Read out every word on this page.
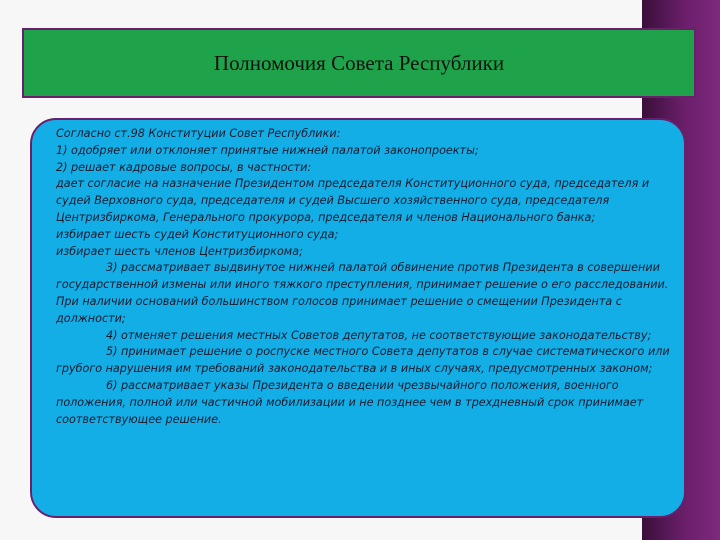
Полномочия Совета Республики

Согласно ст.98 Конституции Совет Республики:

1) одобряет или отклоняет принятые нижней палатой законопроекты;

2) решает кадровые вопросы, в частности:

дает согласие на назначение Президентом председателя Конституционного суда, председателя и судей Верховного суда, председателя и судей Высшего хозяйственного суда, председателя Центризбиркома, Генерального прокурора, председателя и членов Национального банка;

избирает шесть судей Конституционного суда;

избирает шесть членов Центризбиркома;

3) рассматривает выдвинутое нижней палатой обвинение против Президента в совершении государственной измены или иного тяжкого преступления, принимает решение о его расследовании. При наличии оснований большинством голосов принимает решение о смещении Президента с должности;

4) отменяет решения местных Советов депутатов, не соответствующие законодательству;

5) принимает решение о роспуске местного Совета депутатов в случае систематического или грубого нарушения им требований законодательства и в иных случаях, предусмотренных законом;

6) рассматривает указы Президента о введении чрезвычайного положения, военного положения, полной или частичной мобилизации и не позднее чем в трехдневный срок принимает соответствующее решение.
